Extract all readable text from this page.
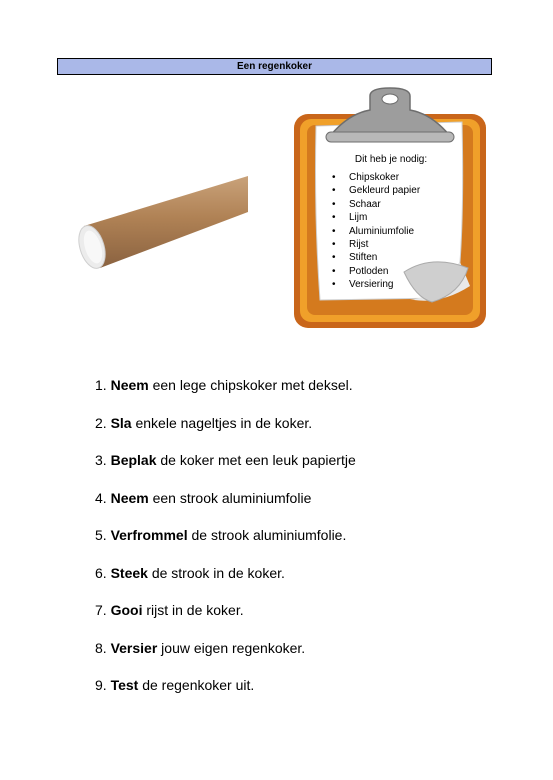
Een regenkoker
Dit heb je nodig:
• Chipskoker
• Gekleurd papier
• Schaar
• Lijm
• Aluminiumfolie
• Rijst
• Stiften
• Potloden
• Versiering
1. Neem een lege chipskoker met deksel.
2. Sla enkele nageltjes in de koker.
3. Beplak de koker met een leuk papiertje
4. Neem een strook aluminiumfolie
5. Verfrommel de strook aluminiumfolie.
6. Steek de strook in de koker.
7. Gooi rijst in de koker.
8. Versier jouw eigen regenkoker.
9. Test de regenkoker uit.
